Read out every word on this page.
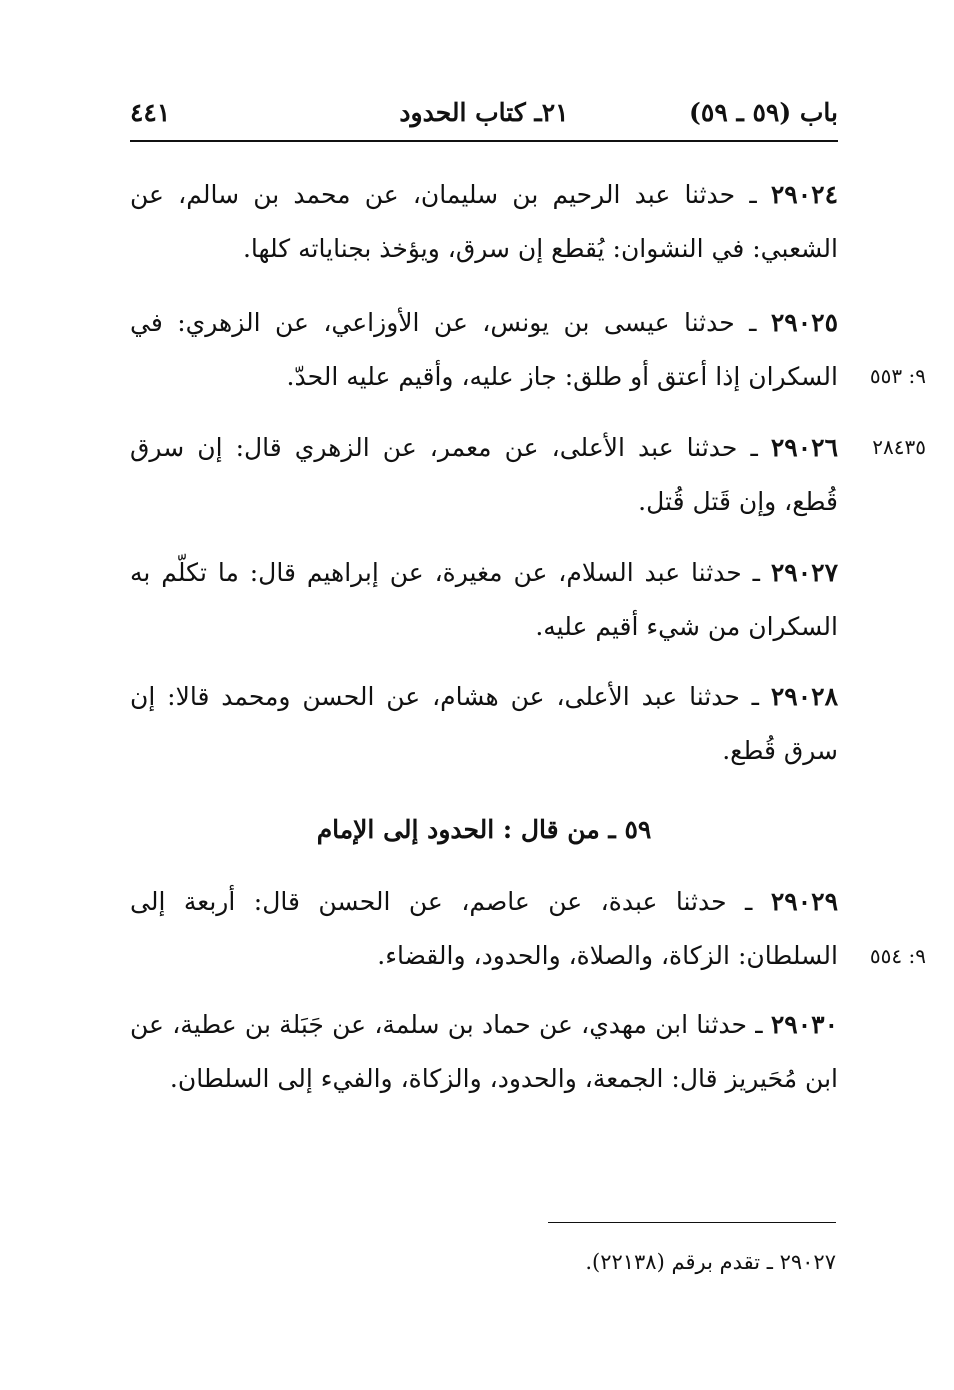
باب (٥٩ ـ ٥٩)
٢١ـ كتاب الحدود
٤٤١
٢٩٠٢٤ ـ حدثنا عبد الرحيم بن سليمان، عن محمد بن سالم، عن الشعبي: في النشوان: يُقطع إن سرق، ويؤخذ بجناياته كلها.
٢٩٠٢٥ ـ حدثنا عيسى بن يونس، عن الأوزاعي، عن الزهري: في السكران إذا أعتق أو طلق: جاز عليه، وأقيم عليه الحدّ. ٩: ٥٥٣
٢٩٠٢٦ ـ حدثنا عبد الأعلى، عن معمر، عن الزهري قال: إن سرق قُطع، وإن قَتل قُتل.
٢٨٤٣٥
٢٩٠٢٧ ـ حدثنا عبد السلام، عن مغيرة، عن إبراهيم قال: ما تكلّم به السكران من شيء أقيم عليه.
٢٩٠٢٨ ـ حدثنا عبد الأعلى، عن هشام، عن الحسن ومحمد قالا: إن سرق قُطع.
٥٩ ـ من قال : الحدود إلى الإمام
٢٩٠٢٩ ـ حدثنا عبدة، عن عاصم، عن الحسن قال: أربعة إلى السلطان: الزكاة، والصلاة، والحدود، والقضاء. ٩: ٥٥٤
٢٩٠٣٠ ـ حدثنا ابن مهدي، عن حماد بن سلمة، عن جَبَلة بن عطية، عن ابن مُحَيريز قال: الجمعة، والحدود، والزكاة، والفيء إلى السلطان.
٢٩٠٢٧ ـ تقدم برقم (٢٢١٣٨).
